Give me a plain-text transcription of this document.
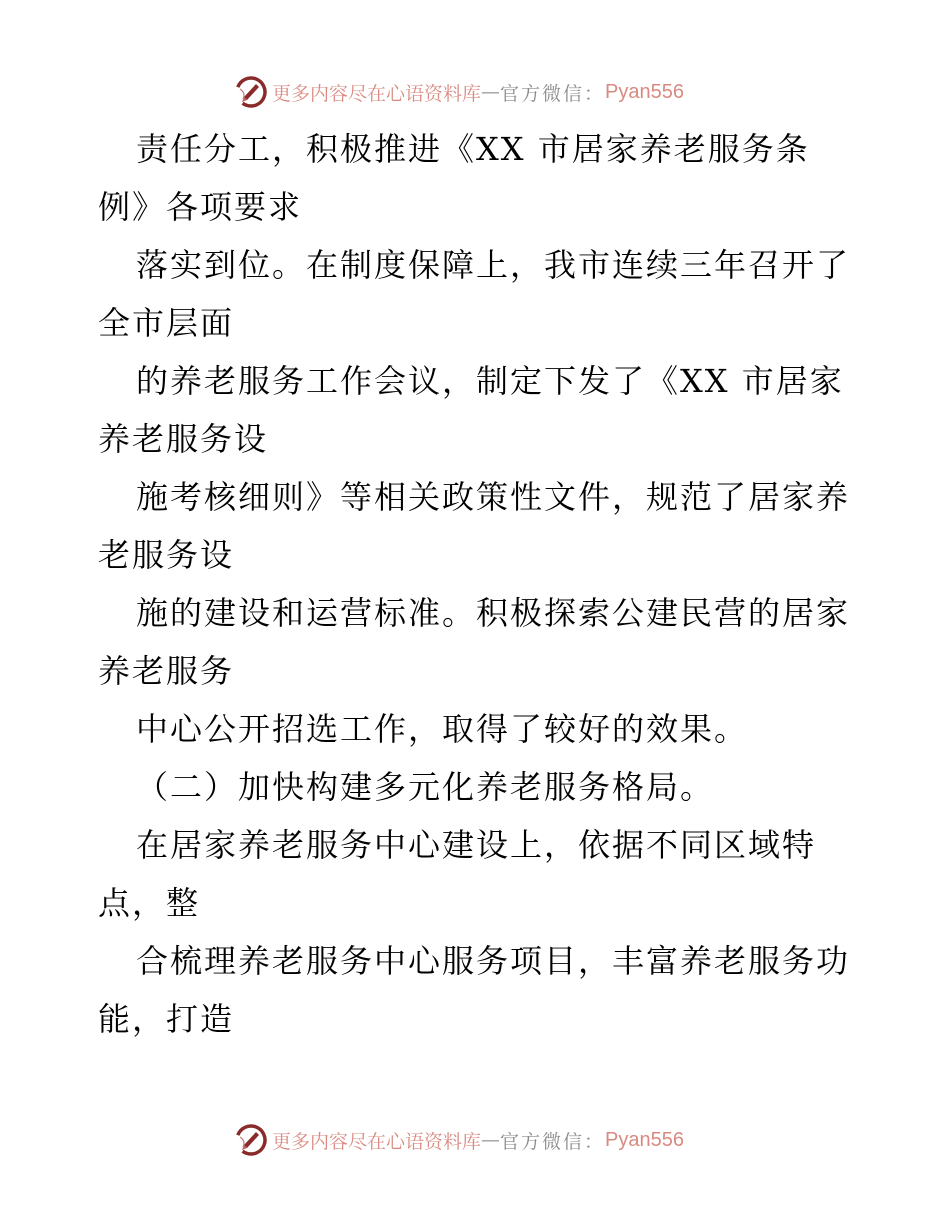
更多内容尽在心语资料库 — 官方微信： Pyan556
责任分工，积极推进《XX 市居家养老服务条
例》各项要求
落实到位。在制度保障上，我市连续三年召开了
全市层面
的养老服务工作会议，制定下发了《XX 市居家
养老服务设
施考核细则》等相关政策性文件，规范了居家养
老服务设
施的建设和运营标准。积极探索公建民营的居家
养老服务
中心公开招选工作，取得了较好的效果。
（二）加快构建多元化养老服务格局。
在居家养老服务中心建设上，依据不同区域特
点，整
合梳理养老服务中心服务项目，丰富养老服务功
能，打造
更多内容尽在心语资料库 — 官方微信： Pyan556
